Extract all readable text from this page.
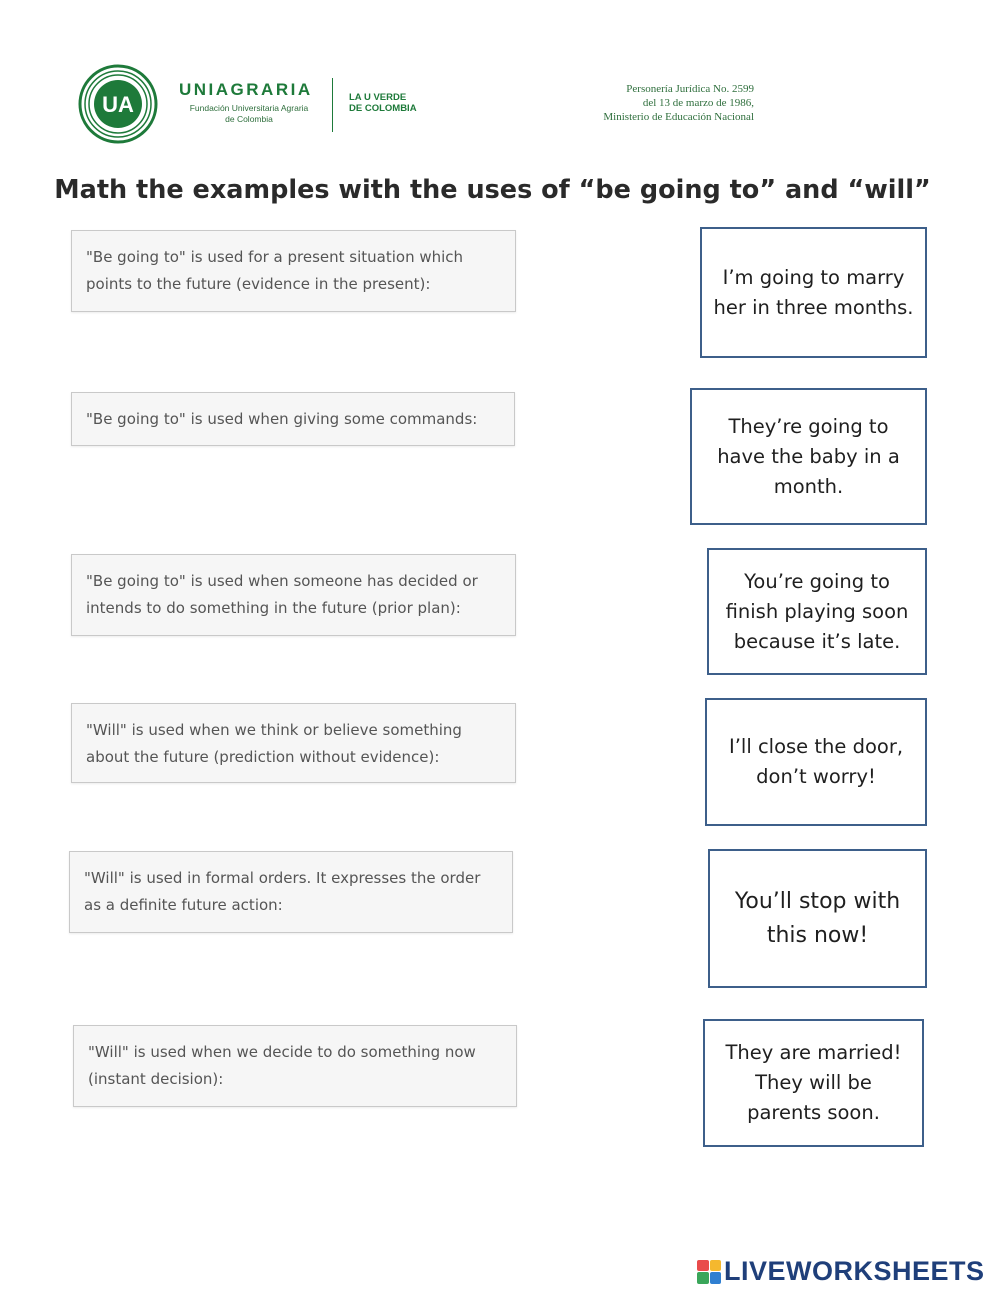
UA
UNIAGRARIA
Fundación Universitaria Agraria
de Colombia
LA U VERDE
DE COLOMBIA
Personería Jurídica No. 2599
del 13 de marzo de 1986,
Ministerio de Educación Nacional
Math the examples with the uses of “be going to” and “will”
"Be going to" is used for a present situation which points to the future (evidence in the present):
"Be going to" is used when giving some commands:
"Be going to" is used when someone has decided or intends to do something in the future (prior plan):
"Will" is used when we think or believe something about the future (prediction without evidence):
"Will" is used in formal orders. It expresses the order as a definite future action:
"Will" is used when we decide to do something now (instant decision):
I’m going to marry her in three months.
They’re going to have the baby in a month.
You’re going to finish playing soon because it’s late.
I’ll close the door, don’t worry!
You’ll stop with this now!
They are married! They will be parents soon.
LIVEWORKSHEETS
